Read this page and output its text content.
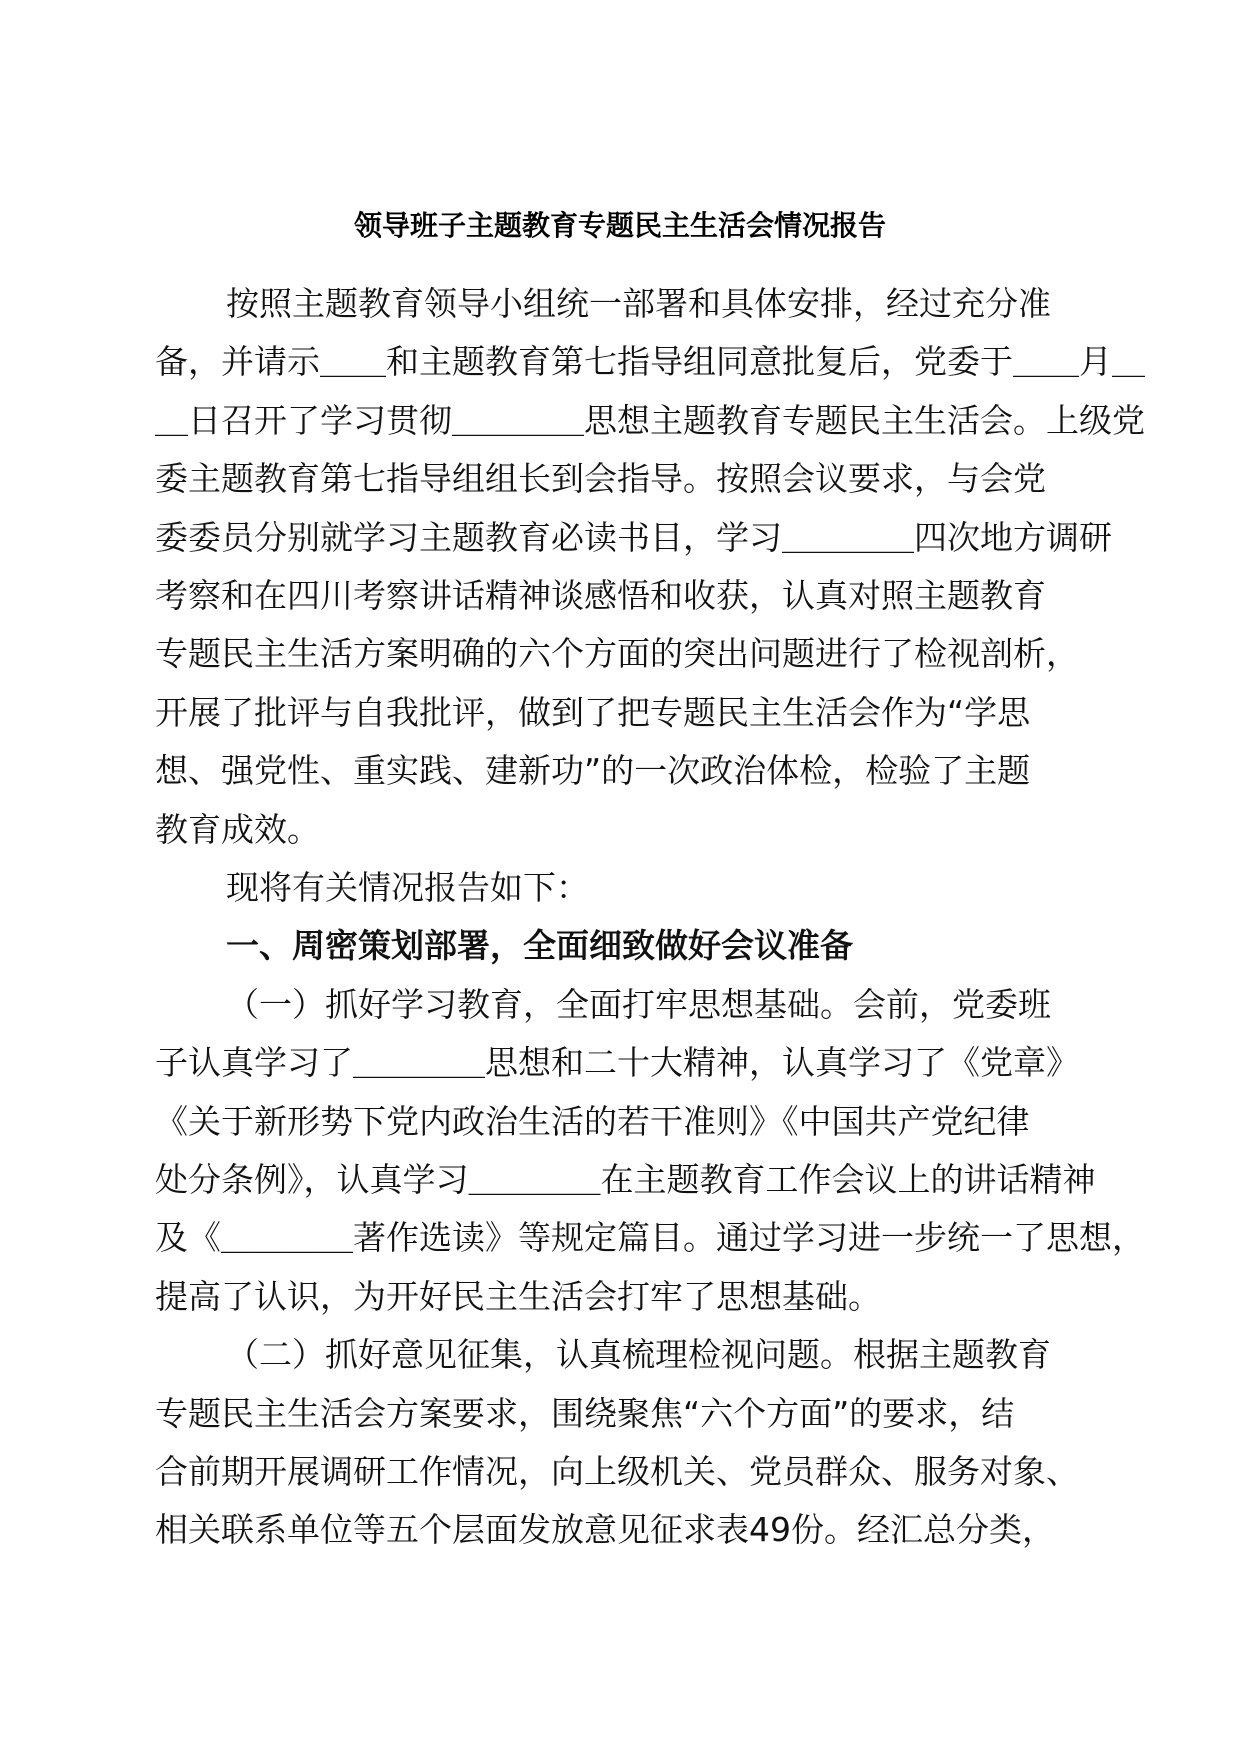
领导班子主题教育专题民主生活会情况报告
按照主题教育领导小组统一部署和具体安排，经过充分准
备，并请示＿＿和主题教育第七指导组同意批复后，党委于＿＿月＿
＿日召开了学习贯彻＿＿＿＿思想主题教育专题民主生活会。上级党
委主题教育第七指导组组长到会指导。按照会议要求，与会党
委委员分别就学习主题教育必读书目，学习＿＿＿＿四次地方调研
考察和在四川考察讲话精神谈感悟和收获，认真对照主题教育
专题民主生活方案明确的六个方面的突出问题进行了检视剖析，
开展了批评与自我批评，做到了把专题民主生活会作为“学思
想、强党性、重实践、建新功”的一次政治体检，检验了主题
教育成效。
现将有关情况报告如下：
一、周密策划部署，全面细致做好会议准备
（一）抓好学习教育，全面打牢思想基础。会前，党委班
子认真学习了＿＿＿＿思想和二十大精神，认真学习了《党章》
《关于新形势下党内政治生活的若干准则》《中国共产党纪律
处分条例》，认真学习＿＿＿＿在主题教育工作会议上的讲话精神
及《＿＿＿＿著作选读》等规定篇目。通过学习进一步统一了思想，
提高了认识，为开好民主生活会打牢了思想基础。
（二）抓好意见征集，认真梳理检视问题。根据主题教育
专题民主生活会方案要求，围绕聚焦“六个方面”的要求，结
合前期开展调研工作情况，向上级机关、党员群众、服务对象、
相关联系单位等五个层面发放意见征求表49份。经汇总分类，
